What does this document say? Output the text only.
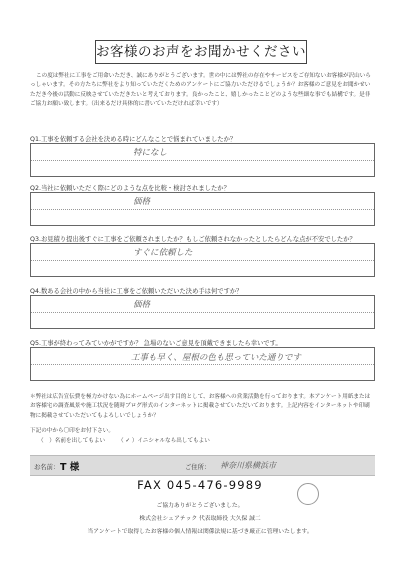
お客様のお声をお聞かせください
この度は弊社に工事をご用命いただき、誠にありがとうございます。世の中には弊社の存在やサービスをご存知ないお客様が沢山いらっしゃいます。その方たちに弊社をより知っていただくためのアンケートにご協力いただけるでしょうか？お客様のご意見をお聞かせいただき今後の活動に反映させていただきたいと考えております。良かったこと、嬉しかったことどのような些細な事でも結構です。是非ご協力お願い致します。（出来るだけ具体的に書いていただければ幸いです）
Q1.工事を依頼する会社を決める時にどんなことで悩まれていましたか？
特になし
Q2.当社に依頼いただく際にどのような点を比較・検討されましたか？
価格
Q3.お見積り提出後すぐに工事をご依頼されましたか？もしご依頼されなかったとしたらどんな点が不安でしたか？
すぐに依頼した
Q4.数ある会社の中から当社に工事をご依頼いただいた決め手は何ですか？
価格
Q5.工事が終わってみていかがですか？ 急場のないご意見を頂戴できましたら幸いです。
工事も早く、屋根の色も思っていた通りです
＊弊社は広告宣伝費を極力かけない為にホームページ出す目的として、お客様への営業活動を行っております。本アンケート用紙またはお客様宅の調査風景や施工状況を随時ブログ形式のインターネットに掲載させていただいております。上記内容をインターネットや印刷物に掲載させていただいてもよろしいでしょうか？
下記の中から〇印をお付下さい。
（　）名前を出してもよい （ ✓ ）イニシャルなら出してもよい
お名前： T 様	ご住所： 神奈川県横浜市
FAX 045-476-9989
ご協力ありがとうございました。
株式会社シェアテック 代表取締役 大久保 誠二
当アンケートで取得したお客様の個人情報は関係法規に基づき厳正に管理いたします。
